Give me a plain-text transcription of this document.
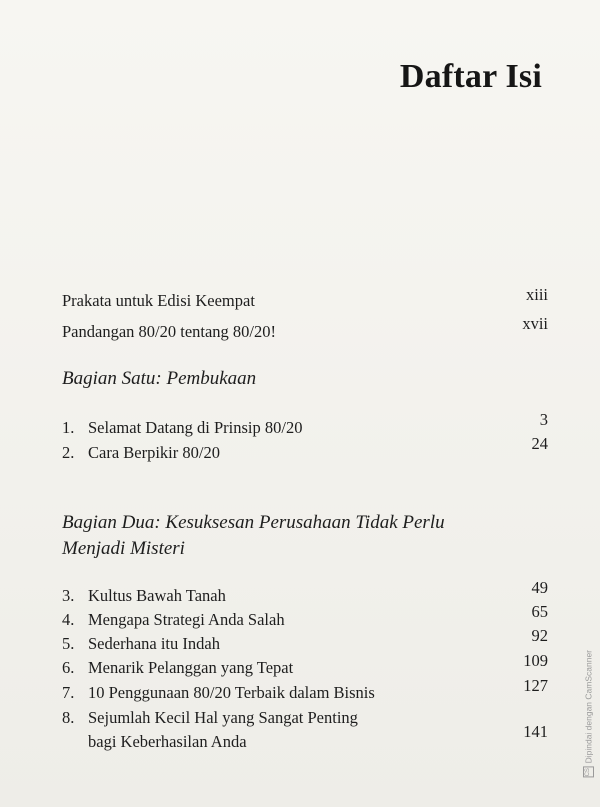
Daftar Isi
Prakata untuk Edisi Keempat	xiii
Pandangan 80/20 tentang 80/20!	xvii
Bagian Satu: Pembukaan
1. Selamat Datang di Prinsip 80/20	3
2. Cara Berpikir 80/20	24
Bagian Dua: Kesuksesan Perusahaan Tidak Perlu
Menjadi Misteri
3. Kultus Bawah Tanah	49
4. Mengapa Strategi Anda Salah	65
5. Sederhana itu Indah	92
6. Menarik Pelanggan yang Tepat	109
7. 10 Penggunaan 80/20 Terbaik dalam Bisnis	127
8. Sejumlah Kecil Hal yang Sangat Penting
bagi Keberhasilan Anda
141
CS
Dipindai dengan CamScanner
